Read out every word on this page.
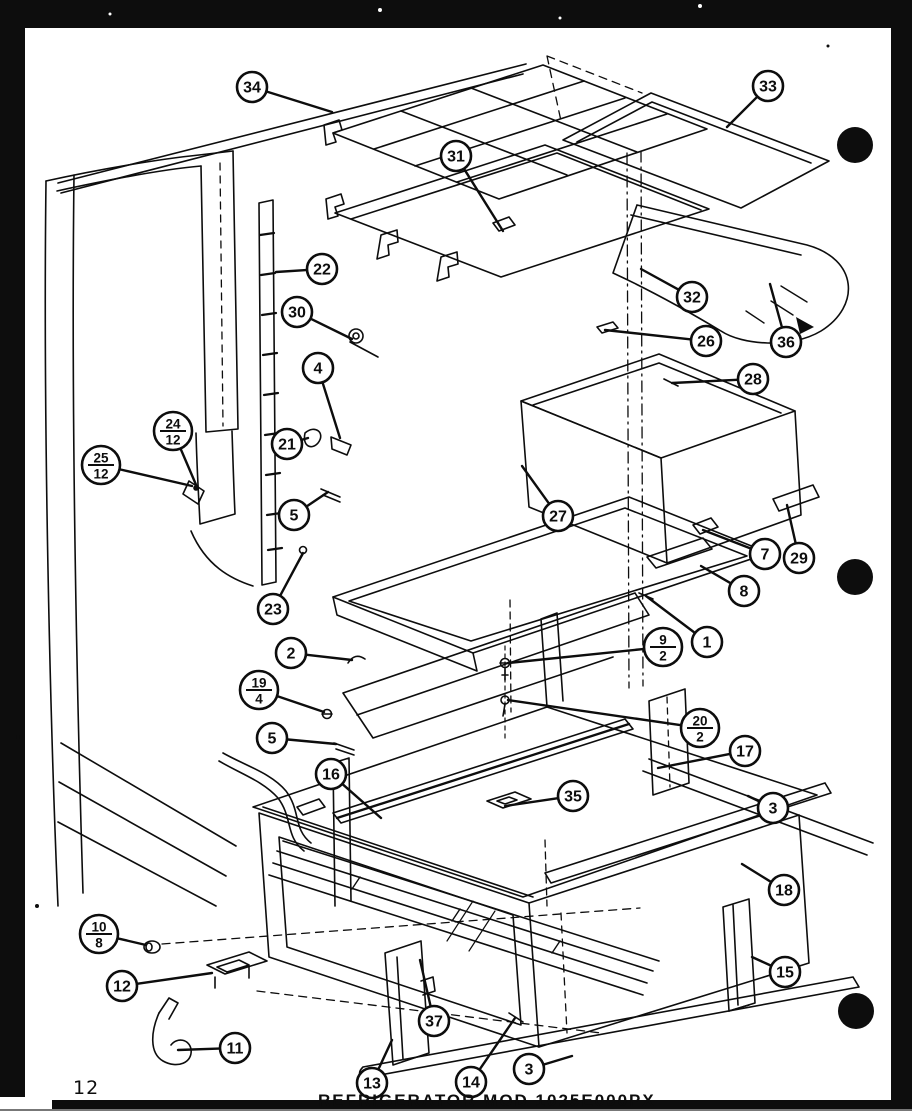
34	33
31
22
30
32
26	36
28
4
21
24
12
25
12
5	27
23
7 29
8
1
9
2
2
19
4
20
2
5
17
16
35
3
18
10
8
15
12
37
11
13	14
3
12
